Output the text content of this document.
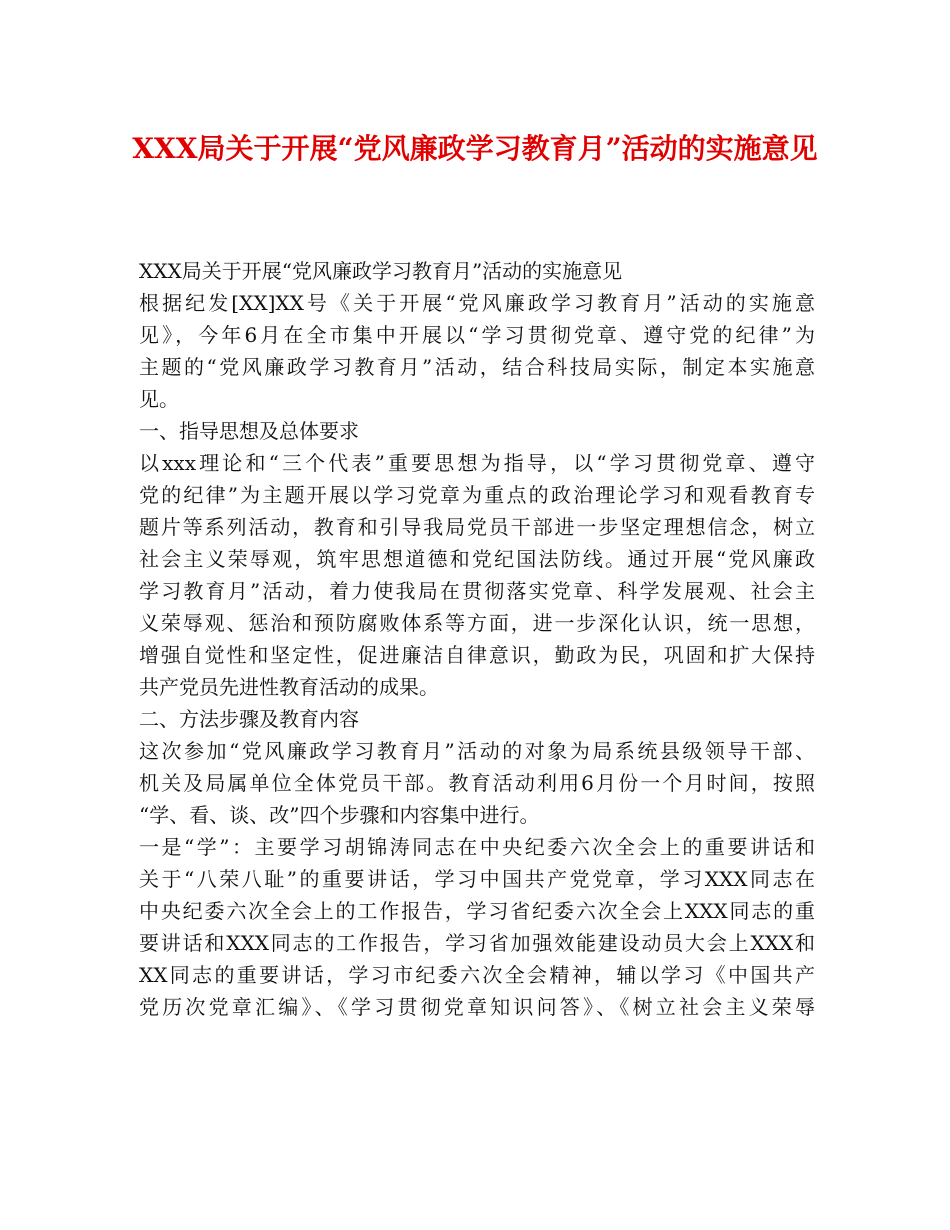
XXX局关于开展“党风廉政学习教育月”活动的实施意见
XXX局关于开展“党风廉政学习教育月”活动的实施意见
根据纪发[XX]XX号《关于开展“党风廉政学习教育月”活动的实施意
见》，今年6月在全市集中开展以“学习贯彻党章、遵守党的纪律”为
主题的“党风廉政学习教育月”活动，结合科技局实际，制定本实施意
见。
一、指导思想及总体要求
以xxx理论和“三个代表”重要思想为指导，以“学习贯彻党章、遵守
党的纪律”为主题开展以学习党章为重点的政治理论学习和观看教育专
题片等系列活动，教育和引导我局党员干部进一步坚定理想信念，树立
社会主义荣辱观，筑牢思想道德和党纪国法防线。通过开展“党风廉政
学习教育月”活动，着力使我局在贯彻落实党章、科学发展观、社会主
义荣辱观、惩治和预防腐败体系等方面，进一步深化认识，统一思想，
增强自觉性和坚定性，促进廉洁自律意识，勤政为民，巩固和扩大保持
共产党员先进性教育活动的成果。
二、方法步骤及教育内容
这次参加“党风廉政学习教育月”活动的对象为局系统县级领导干部、
机关及局属单位全体党员干部。教育活动利用6月份一个月时间，按照
“学、看、谈、改”四个步骤和内容集中进行。
一是“学”：主要学习胡锦涛同志在中央纪委六次全会上的重要讲话和
关于“八荣八耻”的重要讲话，学习中国共产党党章，学习XXX同志在
中央纪委六次全会上的工作报告，学习省纪委六次全会上XXX同志的重
要讲话和XXX同志的工作报告，学习省加强效能建设动员大会上XXX和
XX同志的重要讲话，学习市纪委六次全会精神，辅以学习《中国共产
党历次党章汇编》、《学习贯彻党章知识问答》、《树立社会主义荣辱
